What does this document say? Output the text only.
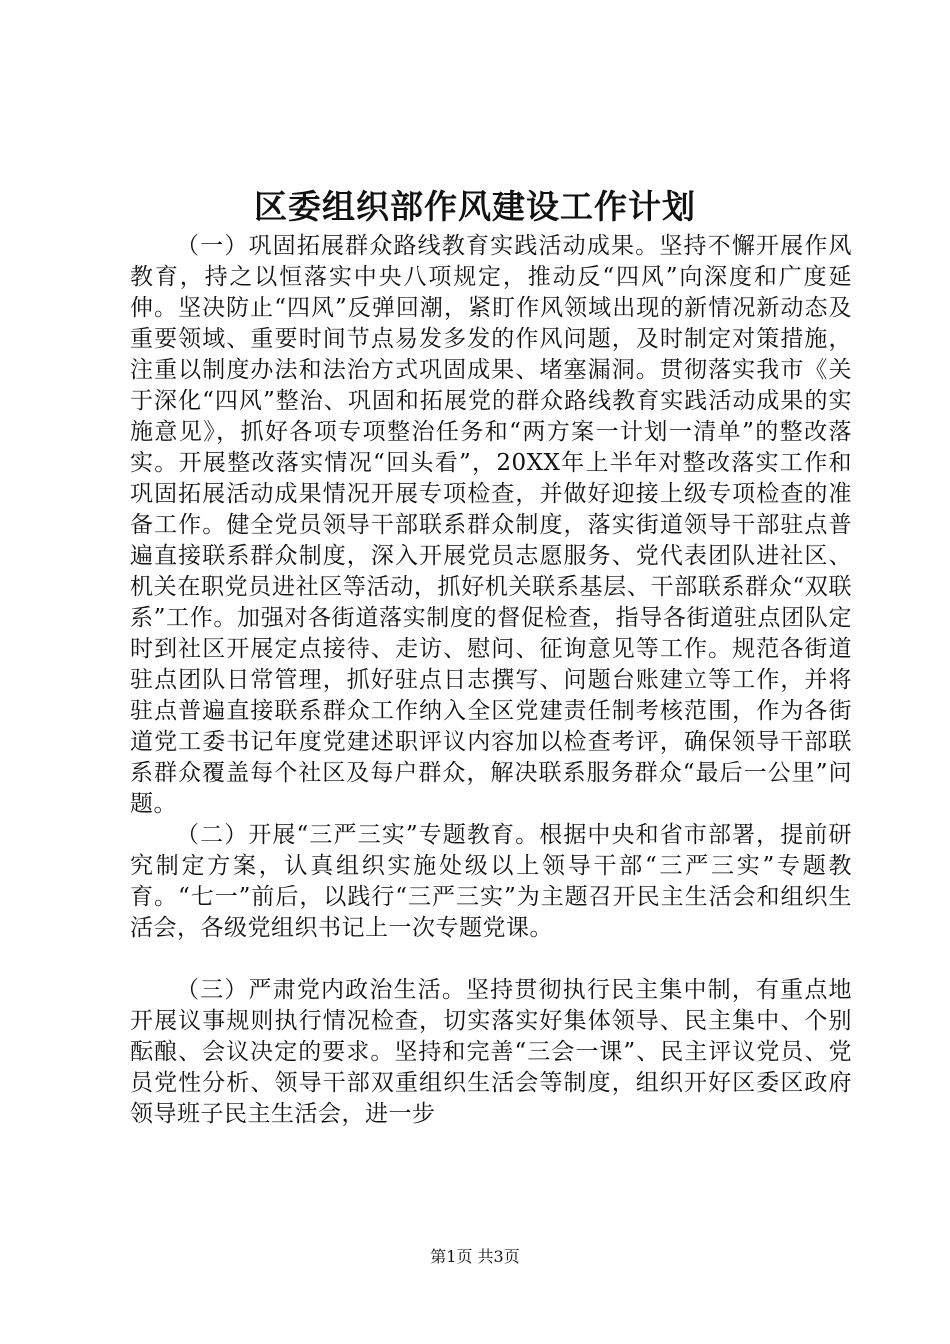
区委组织部作风建设工作计划

（一）巩固拓展群众路线教育实践活动成果。坚持不懈开展作风教育，持之以恒落实中央八项规定，推动反“四风”向深度和广度延伸。坚决防止“四风”反弹回潮，紧盯作风领域出现的新情况新动态及重要领域、重要时间节点易发多发的作风问题，及时制定对策措施，注重以制度办法和法治方式巩固成果、堵塞漏洞。贯彻落实我市《关于深化“四风”整治、巩固和拓展党的群众路线教育实践活动成果的实施意见》，抓好各项专项整治任务和“两方案一计划一清单”的整改落实。开展整改落实情况“回头看”，20XX年上半年对整改落实工作和巩固拓展活动成果情况开展专项检查，并做好迎接上级专项检查的准备工作。健全党员领导干部联系群众制度，落实街道领导干部驻点普遍直接联系群众制度，深入开展党员志愿服务、党代表团队进社区、机关在职党员进社区等活动，抓好机关联系基层、干部联系群众“双联系”工作。加强对各街道落实制度的督促检查，指导各街道驻点团队定时到社区开展定点接待、走访、慰问、征询意见等工作。规范各街道驻点团队日常管理，抓好驻点日志撰写、问题台账建立等工作，并将驻点普遍直接联系群众工作纳入全区党建责任制考核范围，作为各街道党工委书记年度党建述职评议内容加以检查考评，确保领导干部联系群众覆盖每个社区及每户群众，解决联系服务群众“最后一公里”问题。

（二）开展“三严三实”专题教育。根据中央和省市部署，提前研究制定方案，认真组织实施处级以上领导干部“三严三实”专题教育。“七一”前后，以践行“三严三实”为主题召开民主生活会和组织生活会，各级党组织书记上一次专题党课。

（三）严肃党内政治生活。坚持贯彻执行民主集中制，有重点地开展议事规则执行情况检查，切实落实好集体领导、民主集中、个别酝酿、会议决定的要求。坚持和完善“三会一课”、民主评议党员、党员党性分析、领导干部双重组织生活会等制度，组织开好区委区政府领导班子民主生活会，进一步

第1页 共3页
